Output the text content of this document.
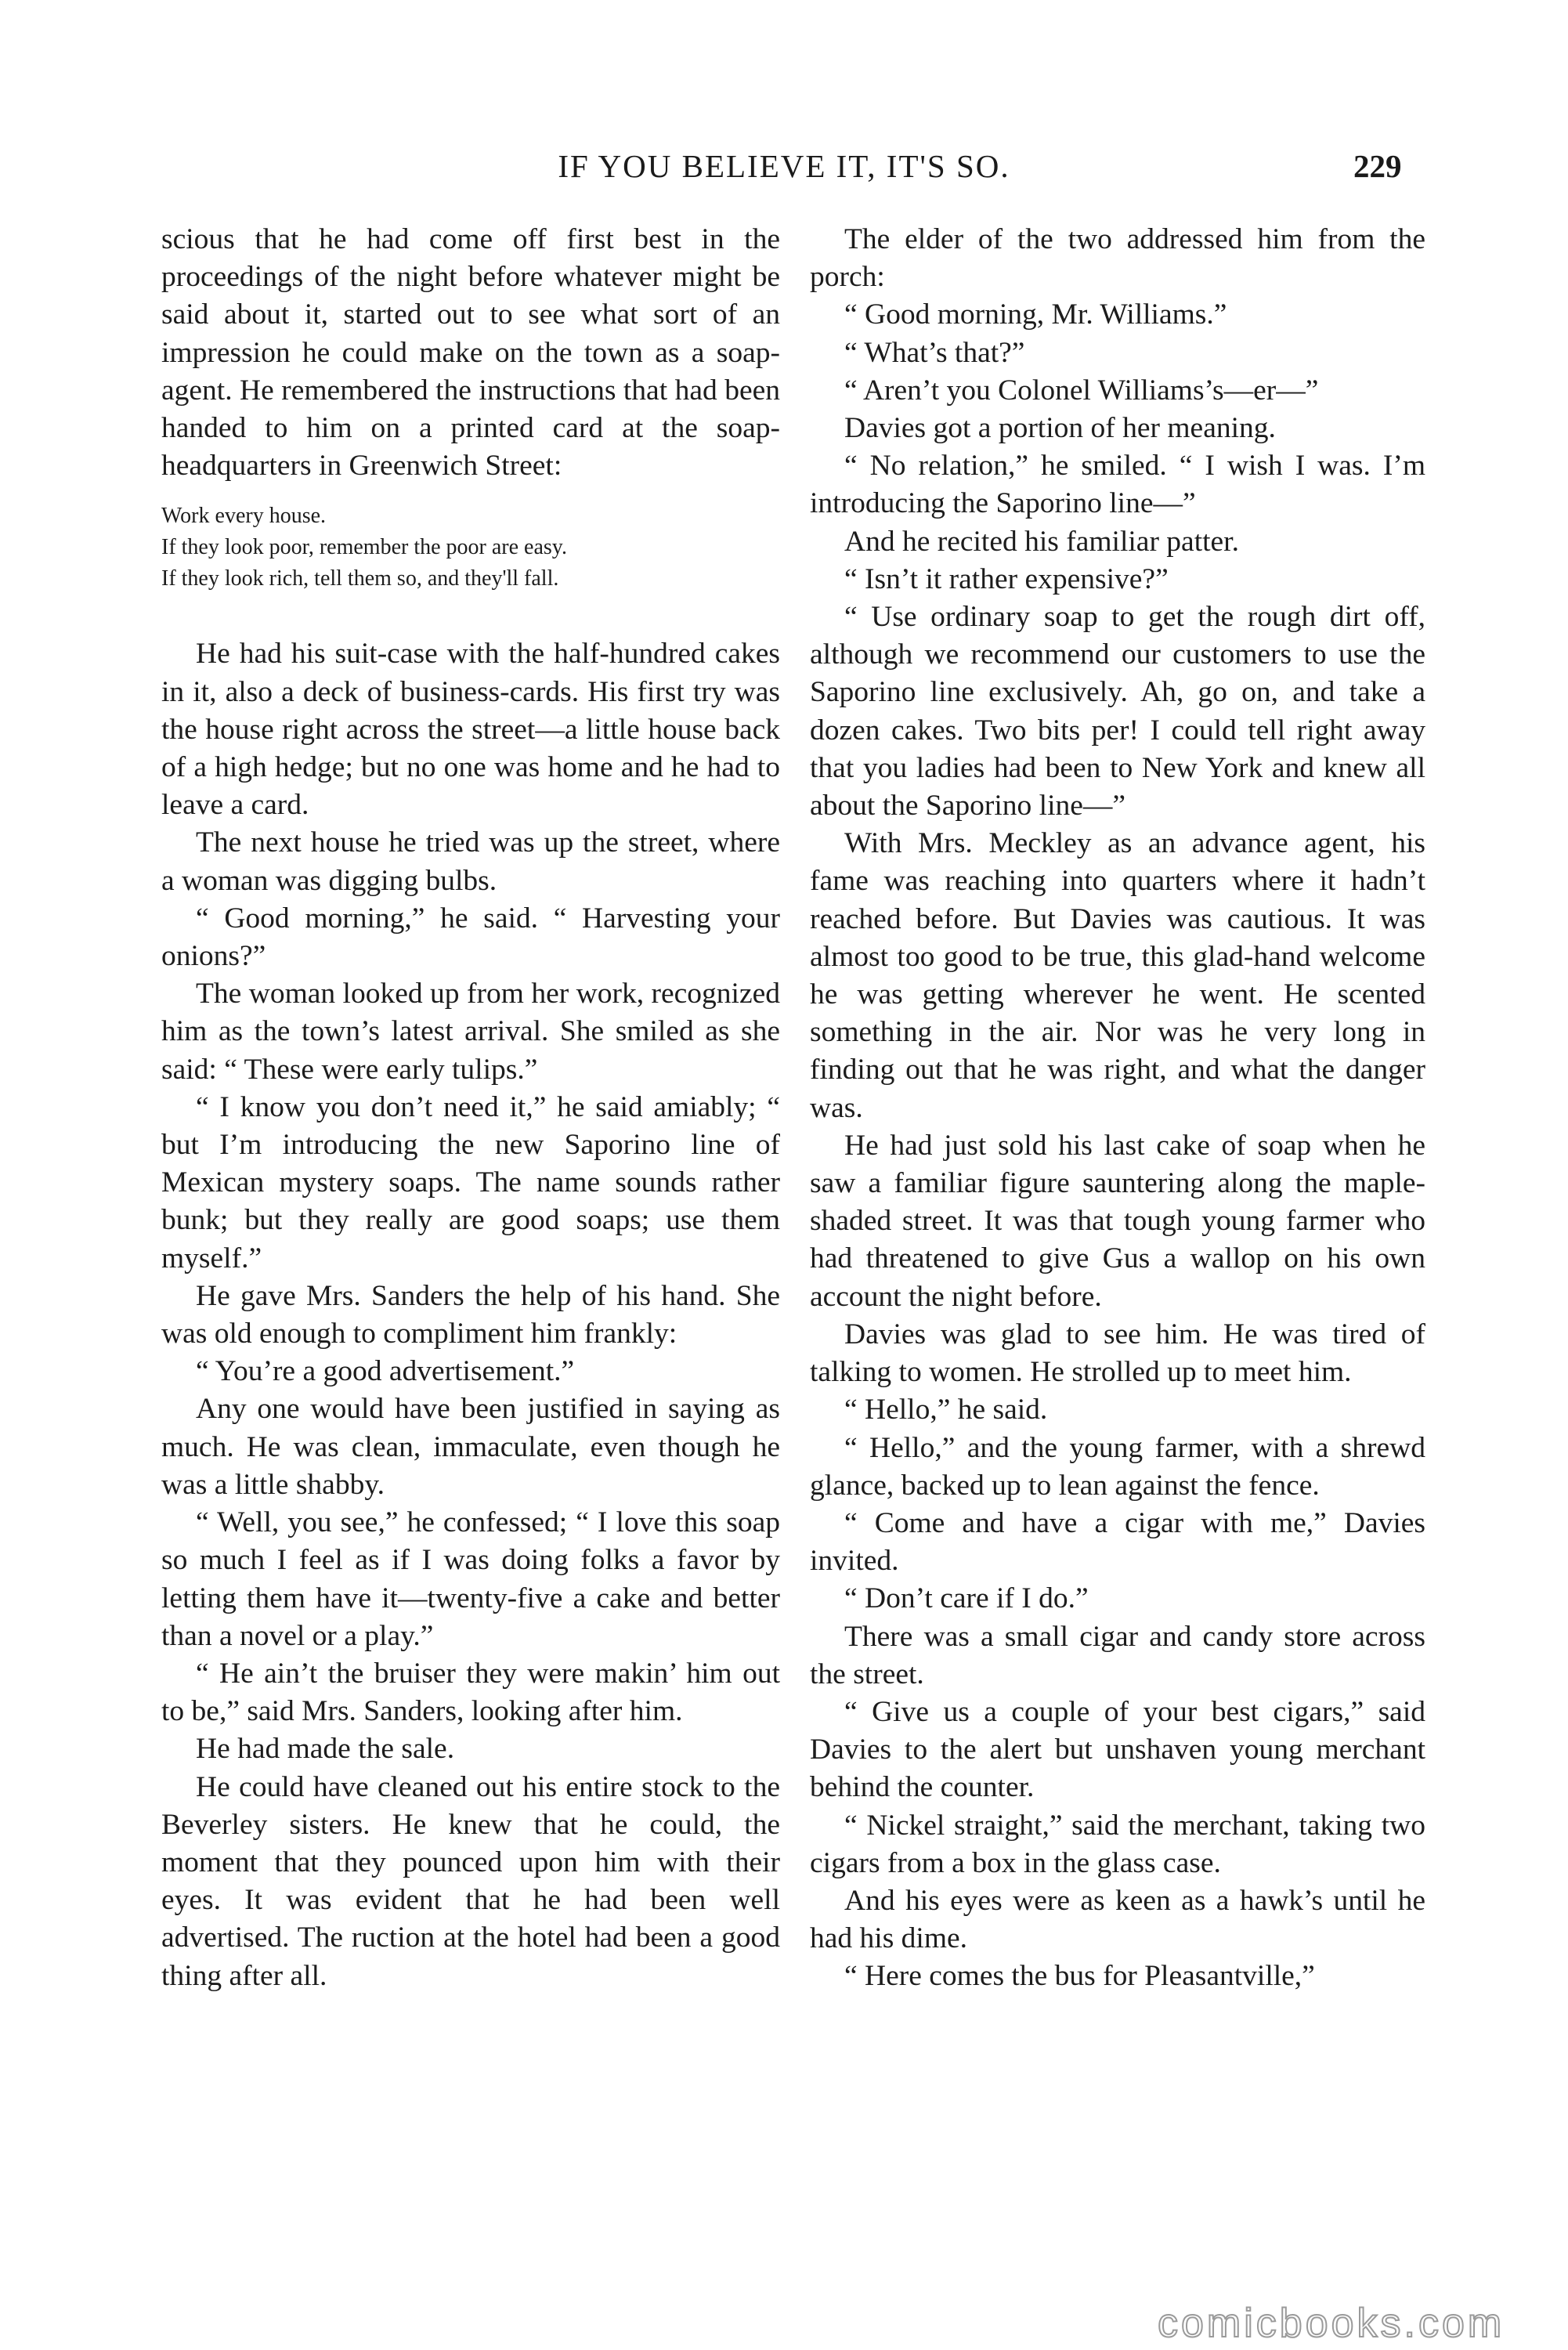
IF YOU BELIEVE IT, IT'S SO.	229

scious that he had come off first best in the proceedings of the night before whatever might be said about it, started out to see what sort of an impression he could make on the town as a soap-agent. He remembered the instructions that had been handed to him on a printed card at the soap-headquarters in Greenwich Street:

Work every house.
If they look poor, remember the poor are easy.
If they look rich, tell them so, and they'll fall.

He had his suit-case with the half-hundred cakes in it, also a deck of business-cards. His first try was the house right across the street—a little house back of a high hedge; but no one was home and he had to leave a card.

The next house he tried was up the street, where a woman was digging bulbs.

“ Good morning,” he said. “ Harvesting your onions?”

The woman looked up from her work, recognized him as the town’s latest arrival. She smiled as she said: “ These were early tulips.”

“ I know you don’t need it,” he said amiably; “ but I’m introducing the new Saporino line of Mexican mystery soaps. The name sounds rather bunk; but they really are good soaps; use them myself.”

He gave Mrs. Sanders the help of his hand. She was old enough to compliment him frankly:

“ You’re a good advertisement.”

Any one would have been justified in saying as much. He was clean, immaculate, even though he was a little shabby.

“ Well, you see,” he confessed; “ I love this soap so much I feel as if I was doing folks a favor by letting them have it—twenty-five a cake and better than a novel or a play.”

“ He ain’t the bruiser they were makin’ him out to be,” said Mrs. Sanders, looking after him.

He had made the sale.

He could have cleaned out his entire stock to the Beverley sisters. He knew that he could, the moment that they pounced upon him with their eyes. It was evident that he had been well advertised. The ruction at the hotel had been a good thing after all.

The elder of the two addressed him from the porch:

“ Good morning, Mr. Williams.”

“ What’s that?”

“ Aren’t you Colonel Williams’s—er—”

Davies got a portion of her meaning.

“ No relation,” he smiled. “ I wish I was. I’m introducing the Saporino line—”

And he recited his familiar patter.

“ Isn’t it rather expensive?”

“ Use ordinary soap to get the rough dirt off, although we recommend our customers to use the Saporino line exclusively. Ah, go on, and take a dozen cakes. Two bits per! I could tell right away that you ladies had been to New York and knew all about the Saporino line—”

With Mrs. Meckley as an advance agent, his fame was reaching into quarters where it hadn’t reached before. But Davies was cautious. It was almost too good to be true, this glad-hand welcome he was getting wherever he went. He scented something in the air. Nor was he very long in finding out that he was right, and what the danger was.

He had just sold his last cake of soap when he saw a familiar figure sauntering along the maple-shaded street. It was that tough young farmer who had threatened to give Gus a wallop on his own account the night before.

Davies was glad to see him. He was tired of talking to women. He strolled up to meet him.

“ Hello,” he said.

“ Hello,” and the young farmer, with a shrewd glance, backed up to lean against the fence.

“ Come and have a cigar with me,” Davies invited.

“ Don’t care if I do.”

There was a small cigar and candy store across the street.

“ Give us a couple of your best cigars,” said Davies to the alert but unshaven young merchant behind the counter.

“ Nickel straight,” said the merchant, taking two cigars from a box in the glass case.

And his eyes were as keen as a hawk’s until he had his dime.

“ Here comes the bus for Pleasantville,”

comicbooks.com
